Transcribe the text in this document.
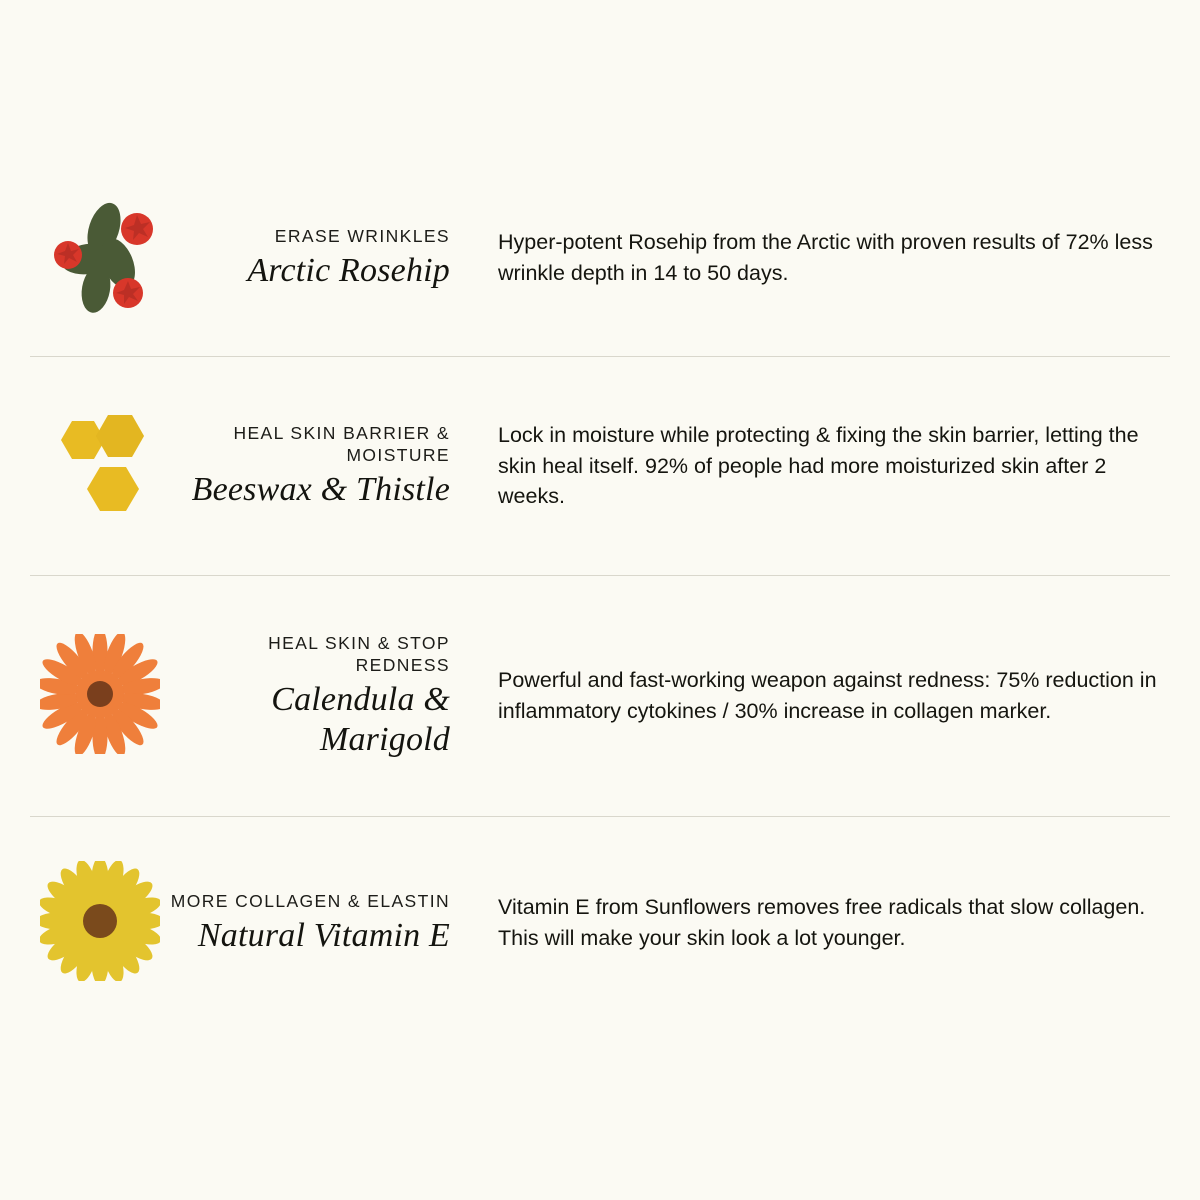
ERASE WRINKLES
Arctic Rosehip
Hyper-potent Rosehip from the Arctic with proven results of 72% less wrinkle depth in 14 to 50 days.
HEAL SKIN BARRIER & MOISTURE
Beeswax & Thistle
Lock in moisture while protecting & fixing the skin barrier, letting the skin heal itself. 92% of people had more moisturized skin after 2 weeks.
HEAL SKIN & STOP REDNESS
Calendula & Marigold
Powerful and fast-working weapon against redness: 75% reduction in inflammatory cytokines / 30% increase in collagen marker.
MORE COLLAGEN & ELASTIN
Natural Vitamin E
Vitamin E from Sunflowers removes free radicals that slow collagen. This will make your skin look a lot younger.
